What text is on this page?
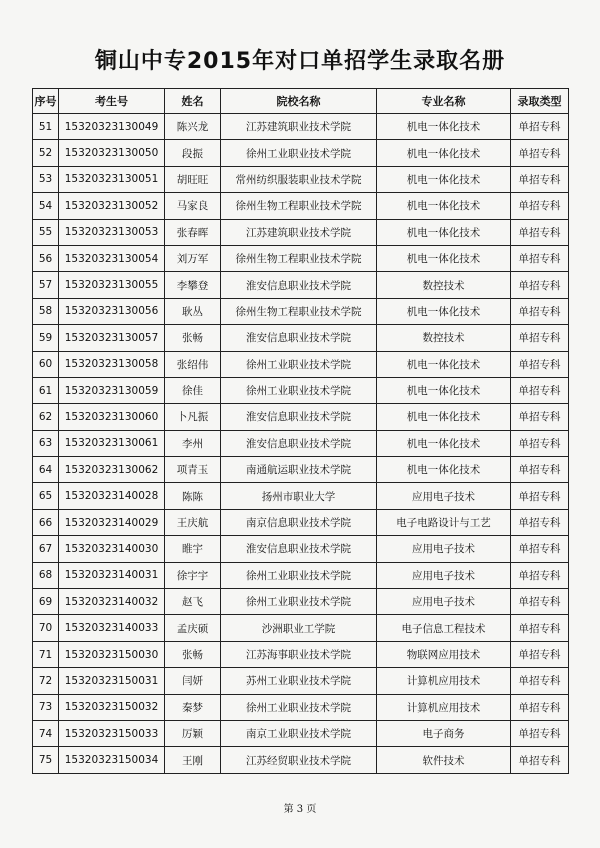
铜山中专2015年对口单招学生录取名册
序号	考生号	姓名	院校名称	专业名称	录取类型
51	15320323130049	陈兴龙	江苏建筑职业技术学院	机电一体化技术	单招专科
52	15320323130050	段振	徐州工业职业技术学院	机电一体化技术	单招专科
53	15320323130051	胡旺旺	常州纺织服装职业技术学院	机电一体化技术	单招专科
54	15320323130052	马家良	徐州生物工程职业技术学院	机电一体化技术	单招专科
55	15320323130053	张春晖	江苏建筑职业技术学院	机电一体化技术	单招专科
56	15320323130054	刘万军	徐州生物工程职业技术学院	机电一体化技术	单招专科
57	15320323130055	李攀登	淮安信息职业技术学院	数控技术	单招专科
58	15320323130056	耿丛	徐州生物工程职业技术学院	机电一体化技术	单招专科
59	15320323130057	张畅	淮安信息职业技术学院	数控技术	单招专科
60	15320323130058	张绍伟	徐州工业职业技术学院	机电一体化技术	单招专科
61	15320323130059	徐佳	徐州工业职业技术学院	机电一体化技术	单招专科
62	15320323130060	卜凡振	淮安信息职业技术学院	机电一体化技术	单招专科
63	15320323130061	李州	淮安信息职业技术学院	机电一体化技术	单招专科
64	15320323130062	项青玉	南通航运职业技术学院	机电一体化技术	单招专科
65	15320323140028	陈陈	扬州市职业大学	应用电子技术	单招专科
66	15320323140029	王庆航	南京信息职业技术学院	电子电路设计与工艺	单招专科
67	15320323140030	睢宇	淮安信息职业技术学院	应用电子技术	单招专科
68	15320323140031	徐宇宇	徐州工业职业技术学院	应用电子技术	单招专科
69	15320323140032	赵飞	徐州工业职业技术学院	应用电子技术	单招专科
70	15320323140033	孟庆硕	沙洲职业工学院	电子信息工程技术	单招专科
71	15320323150030	张畅	江苏海事职业技术学院	物联网应用技术	单招专科
72	15320323150031	闫妍	苏州工业职业技术学院	计算机应用技术	单招专科
73	15320323150032	秦梦	徐州工业职业技术学院	计算机应用技术	单招专科
74	15320323150033	厉颖	南京工业职业技术学院	电子商务	单招专科
75	15320323150034	王刚	江苏经贸职业技术学院	软件技术	单招专科
第 3 页
